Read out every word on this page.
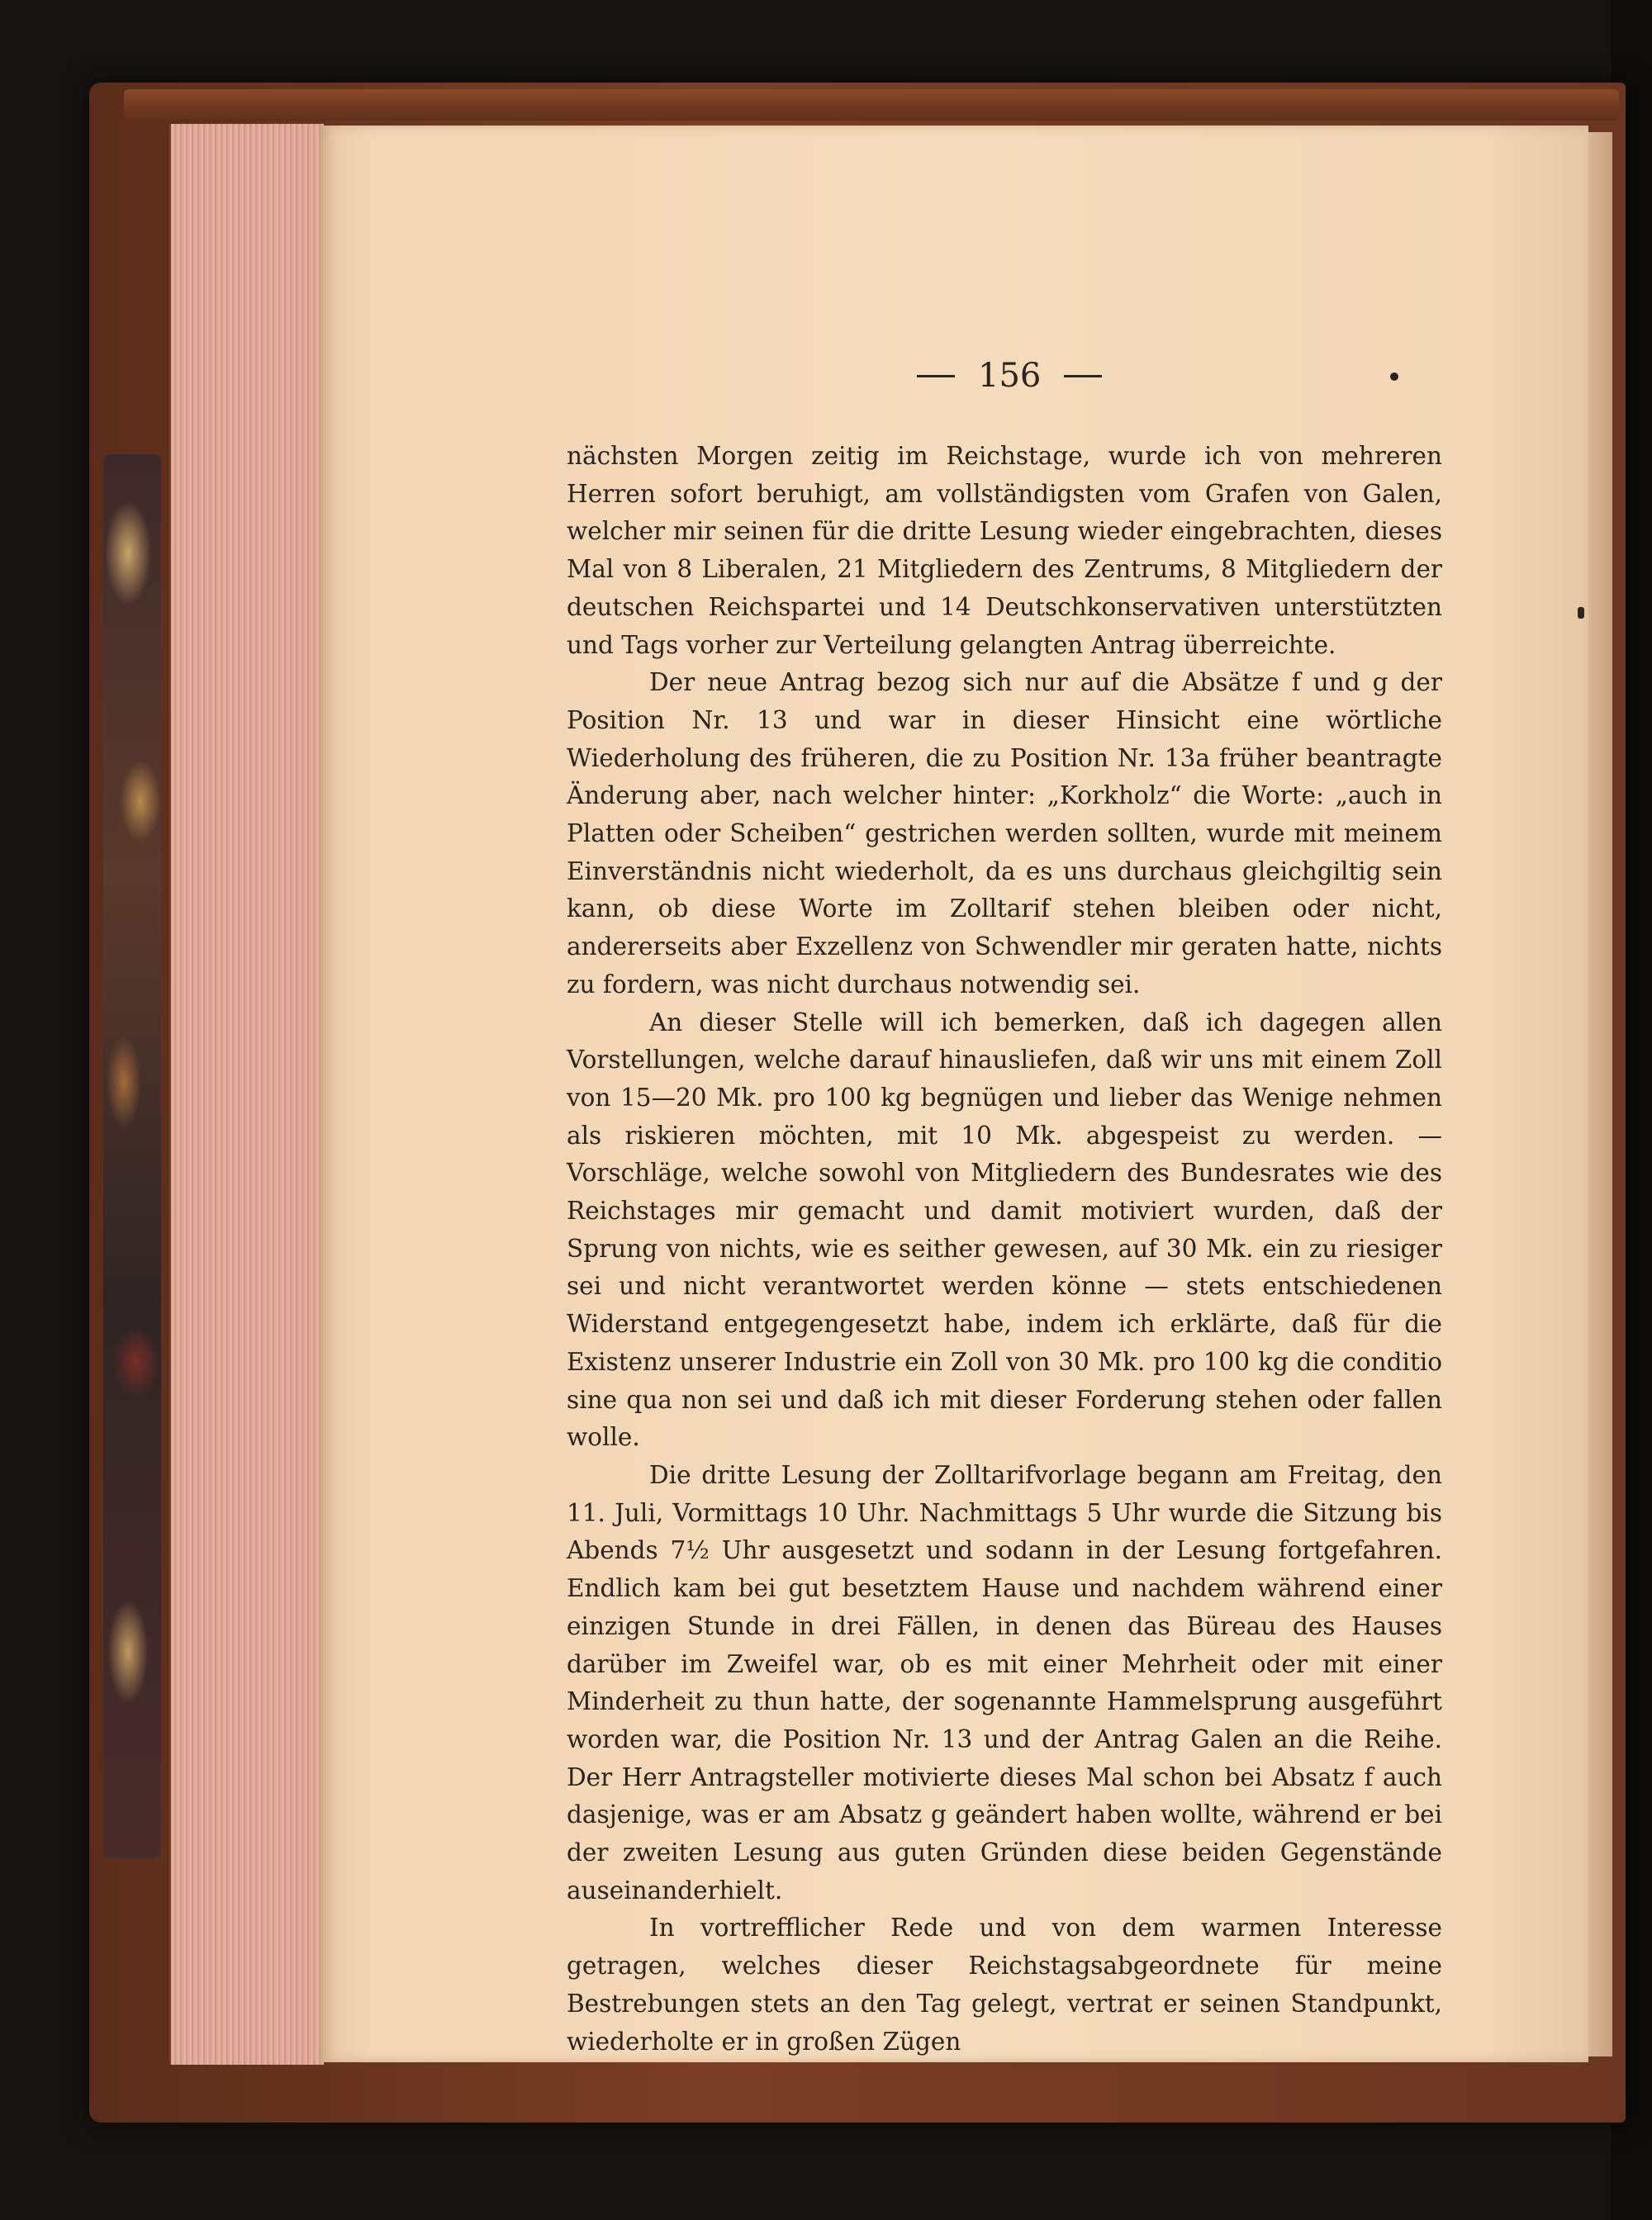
156

nächsten Morgen zeitig im Reichstage, wurde ich von mehreren Herren sofort beruhigt, am vollständigsten vom Grafen von Galen, welcher mir seinen für die dritte Lesung wieder eingebrachten, dieses Mal von 8 Liberalen, 21 Mitgliedern des Zentrums, 8 Mitgliedern der deutschen Reichspartei und 14 Deutschkonservativen unterstützten und Tags vorher zur Verteilung gelangten Antrag überreichte.

Der neue Antrag bezog sich nur auf die Absätze f und g der Position Nr. 13 und war in dieser Hinsicht eine wörtliche Wiederholung des früheren, die zu Position Nr. 13a früher beantragte Änderung aber, nach welcher hinter: „Korkholz“ die Worte: „auch in Platten oder Scheiben“ gestrichen werden sollten, wurde mit meinem Einverständnis nicht wiederholt, da es uns durchaus gleichgiltig sein kann, ob diese Worte im Zolltarif stehen bleiben oder nicht, andererseits aber Exzellenz von Schwendler mir geraten hatte, nichts zu fordern, was nicht durchaus notwendig sei.

An dieser Stelle will ich bemerken, daß ich dagegen allen Vorstellungen, welche darauf hinausliefen, daß wir uns mit einem Zoll von 15—20 Mk. pro 100 kg begnügen und lieber das Wenige nehmen als riskieren möchten, mit 10 Mk. abgespeist zu werden. — Vorschläge, welche sowohl von Mitgliedern des Bundesrates wie des Reichstages mir gemacht und damit motiviert wurden, daß der Sprung von nichts, wie es seither gewesen, auf 30 Mk. ein zu riesiger sei und nicht verantwortet werden könne — stets entschiedenen Widerstand entgegengesetzt habe, indem ich erklärte, daß für die Existenz unserer Industrie ein Zoll von 30 Mk. pro 100 kg die conditio sine qua non sei und daß ich mit dieser Forderung stehen oder fallen wolle.

Die dritte Lesung der Zolltarifvorlage begann am Freitag, den 11. Juli, Vormittags 10 Uhr. Nachmittags 5 Uhr wurde die Sitzung bis Abends 7½ Uhr ausgesetzt und sodann in der Lesung fortgefahren. Endlich kam bei gut besetztem Hause und nachdem während einer einzigen Stunde in drei Fällen, in denen das Büreau des Hauses darüber im Zweifel war, ob es mit einer Mehrheit oder mit einer Minderheit zu thun hatte, der sogenannte Hammelsprung ausgeführt worden war, die Position Nr. 13 und der Antrag Galen an die Reihe. Der Herr Antragsteller motivierte dieses Mal schon bei Absatz f auch dasjenige, was er am Absatz g geändert haben wollte, während er bei der zweiten Lesung aus guten Gründen diese beiden Gegenstände auseinanderhielt.

In vortrefflicher Rede und von dem warmen Interesse getragen, welches dieser Reichstagsabgeordnete für meine Bestrebungen stets an den Tag gelegt, vertrat er seinen Standpunkt, wiederholte er in großen Zügen
